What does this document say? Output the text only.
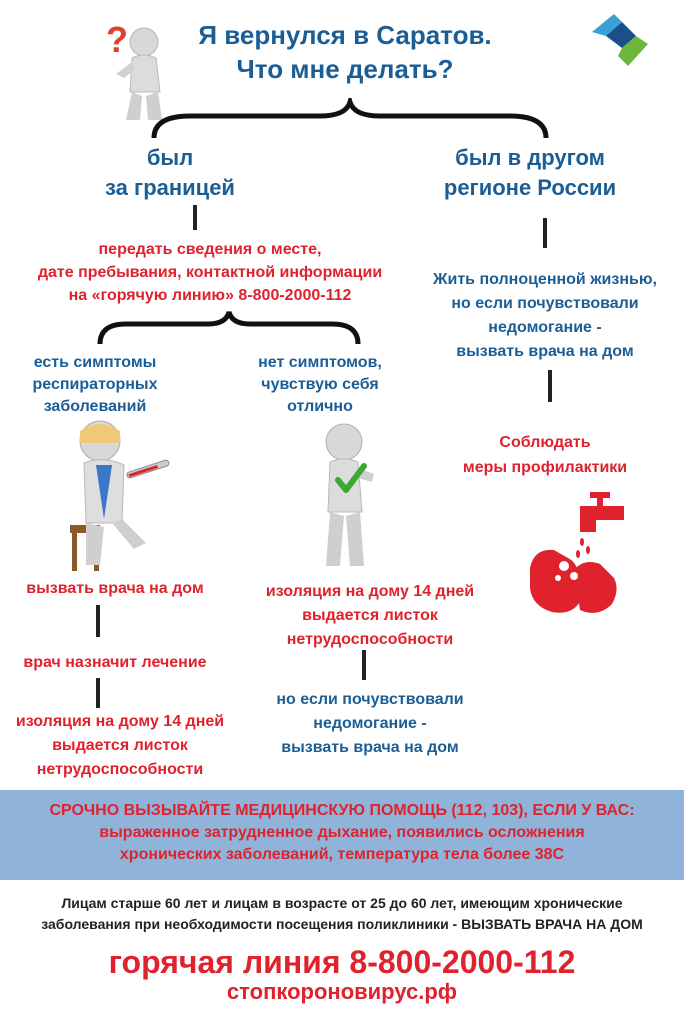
?	Я вернулся в Саратов.
Что мне делать?
был
за границей
был в другом
регионе России
передать сведения о месте,
дате пребывания, контактной информации
на «горячую линию» 8-800-2000-112
есть симптомы
респираторных
заболеваний
нет симптомов,
чувствую себя
отлично
вызвать врача на дом
врач назначит лечение
изоляция на дому 14 дней
выдается листок
нетрудоспособности
изоляция на дому 14 дней
выдается листок
нетрудоспособности
но если почувствовали
недомогание -
вызвать врача на дом
Жить полноценной жизнью,
но если почувствовали
недомогание -
вызвать врача на дом
Соблюдать
меры профилактики
СРОЧНО ВЫЗЫВАЙТЕ МЕДИЦИНСКУЮ ПОМОЩЬ (112, 103), ЕСЛИ У ВАС:
выраженное затрудненное дыхание, появились осложнения
хронических заболеваний, температура тела более 38С
Лицам старше 60 лет и лицам в возрасте от 25 до 60 лет, имеющим хронические
заболевания при необходимости посещения поликлиники - ВЫЗВАТЬ ВРАЧА НА ДОМ
горячая линия 8-800-2000-112
стопкороновирус.рф
